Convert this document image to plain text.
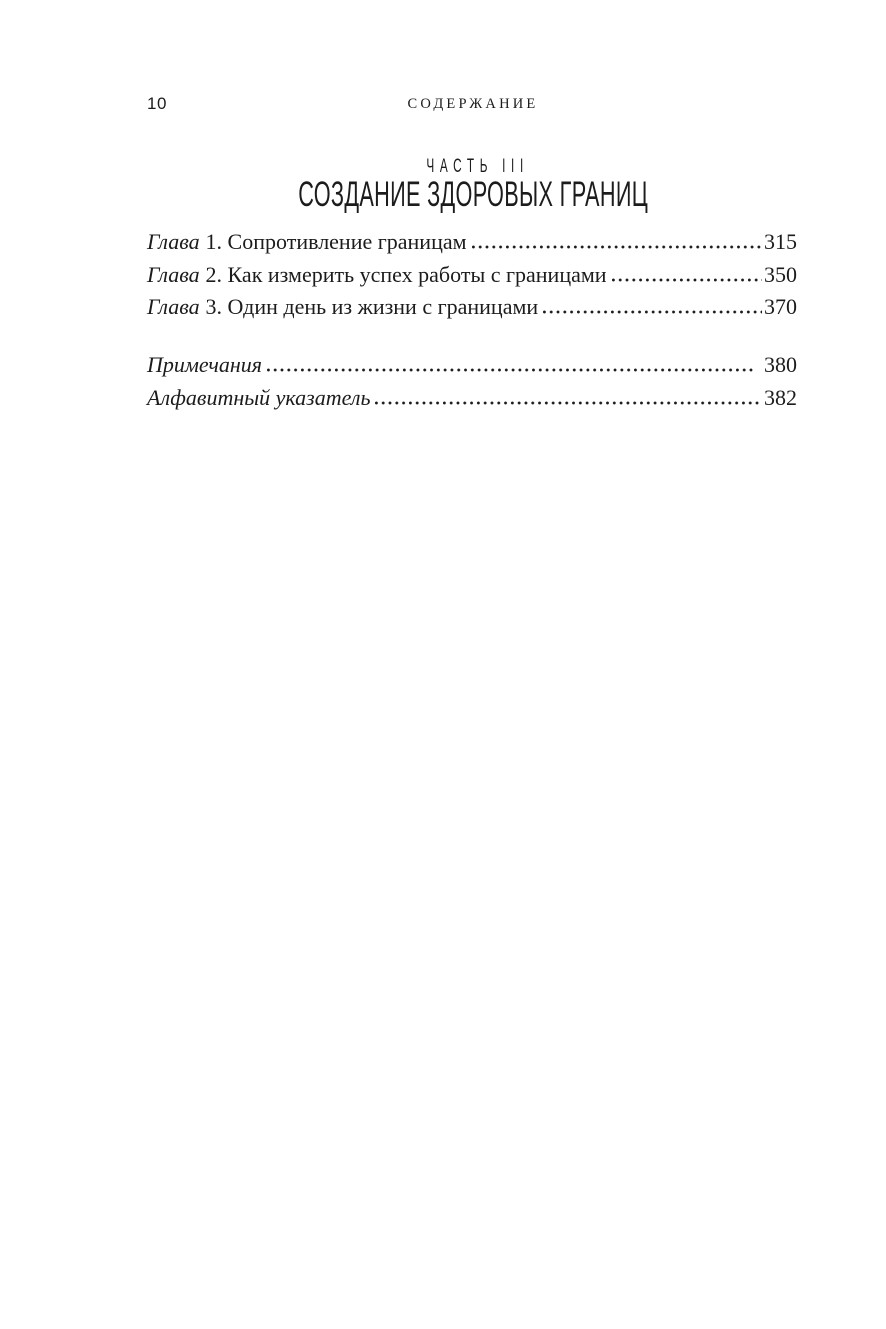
10	СОДЕРЖАНИЕ
ЧАСТЬ III
СОЗДАНИЕ ЗДОРОВЫХ ГРАНИЦ
Глава 1. Сопротивление границам	315
Глава 2. Как измерить успех работы с границами	350
Глава 3. Один день из жизни с границами	370
Примечания	380
Алфавитный указатель	382
